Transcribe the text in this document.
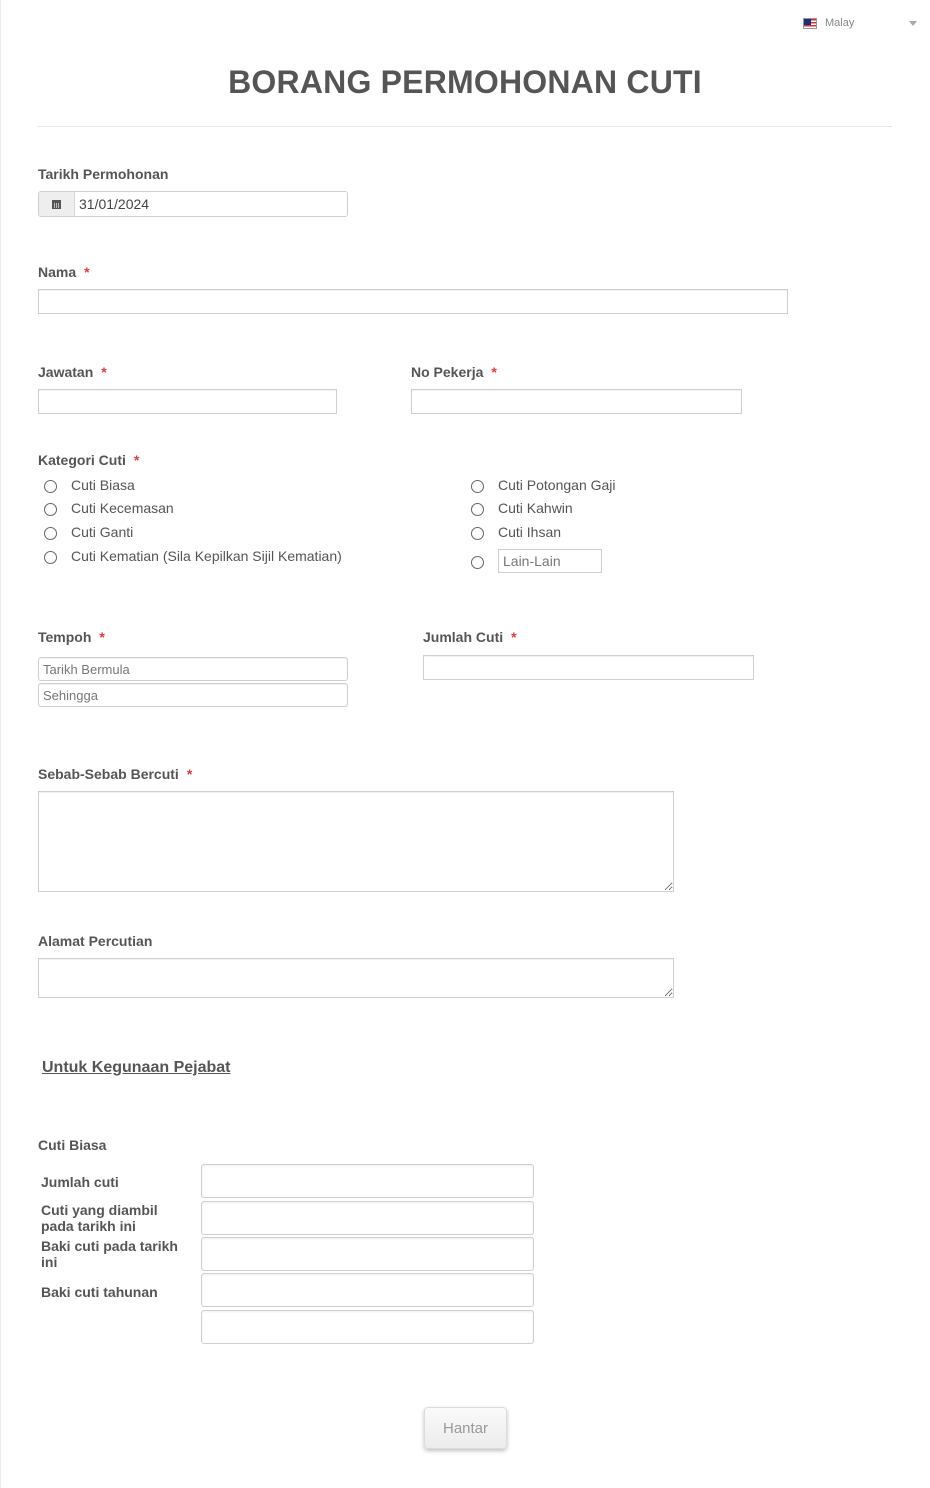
Malay
BORANG PERMOHONAN CUTI
Tarikh Permohonan
31/01/2024
Nama *
Jawatan *	No Pekerja *
Kategori Cuti *
Cuti Biasa
Cuti Kecemasan
Cuti Ganti
Cuti Kematian (Sila Kepilkan Sijil Kematian)
Cuti Potongan Gaji
Cuti Kahwin
Cuti Ihsan
Lain-Lain
Tempoh *
Tarikh Bermula
Sehingga	Jumlah Cuti *
Sebab-Sebab Bercuti *
Alamat Percutian
Untuk Kegunaan Pejabat
Cuti Biasa
Jumlah cuti
Cuti yang diambil
pada tarikh ini
Baki cuti pada tarikh
ini
Baki cuti tahunan
Hantar
